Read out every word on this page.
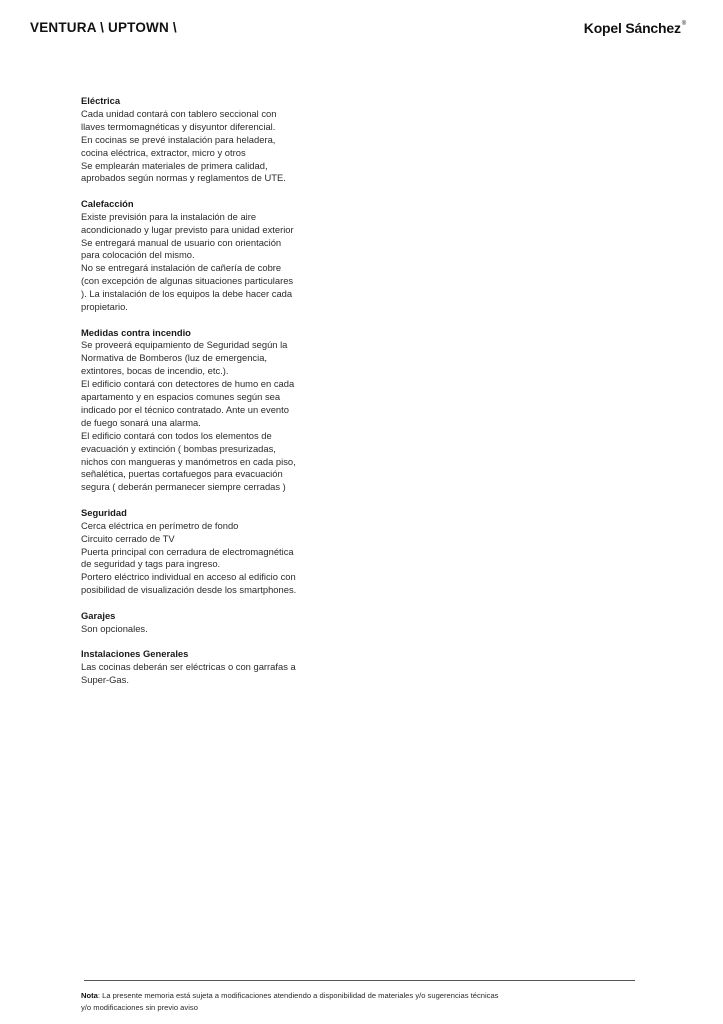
VENTURA \ UPTOWN \	Kopel Sánchez®
Eléctrica
Cada unidad contará con tablero seccional con
llaves termomagnéticas y disyuntor diferencial.
En cocinas se prevé instalación para heladera,
cocina eléctrica, extractor, micro y otros
Se emplearán materiales de primera calidad,
aprobados según normas y reglamentos de UTE.
Calefacción
Existe previsión para la instalación de aire
acondicionado y lugar previsto para unidad exterior
Se entregará manual de usuario con orientación
para colocación del mismo.
No se entregará instalación de cañería de cobre
(con excepción de algunas situaciones particulares
). La instalación de los equipos la debe hacer cada
propietario.
Medidas contra incendio
Se proveerá equipamiento de Seguridad según la
Normativa de Bomberos (luz de emergencia,
extintores, bocas de incendio, etc.).
El edificio contará con detectores de humo en cada
apartamento y en espacios comunes según sea
indicado por el técnico contratado. Ante un evento
de fuego sonará una alarma.
El edificio contará con todos los elementos de
evacuación y extinción ( bombas presurizadas,
nichos con mangueras y manómetros en cada piso,
señalética, puertas cortafuegos para evacuación
segura ( deberán permanecer siempre cerradas )
Seguridad
Cerca eléctrica en perímetro de fondo
Circuito cerrado de TV
Puerta principal con cerradura de electromagnética
de seguridad y tags para ingreso.
Portero eléctrico individual en acceso al edificio con
posibilidad de visualización desde los smartphones.
Garajes
Son opcionales.
Instalaciones Generales
Las cocinas deberán ser eléctricas o con garrafas a
Super-Gas.
Nota: La presente memoria está sujeta a modificaciones atendiendo a disponibilidad de materiales y/o sugerencias técnicas
y/o modificaciones sin previo aviso
